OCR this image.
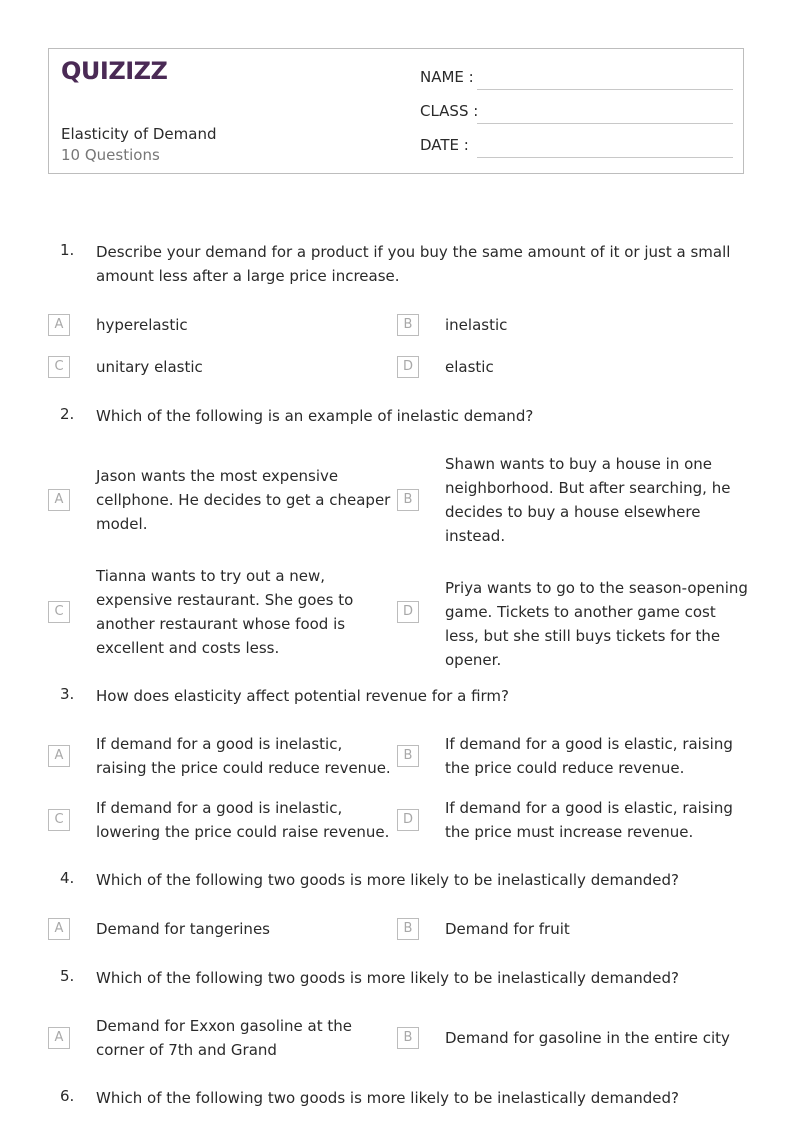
QUIZIZZ
Elasticity of Demand
10 Questions
NAME :
CLASS :
DATE :
1. Describe your demand for a product if you buy the same amount of it or just a small amount less after a large price increase.
A	hyperelastic	B	inelastic
C	unitary elastic	D	elastic
2. Which of the following is an example of inelastic demand?
A
Jason wants the most expensive cellphone. He decides to get a cheaper model.
B
Shawn wants to buy a house in one neighborhood. But after searching, he decides to buy a house elsewhere instead.
C
Tianna wants to try out a new, expensive restaurant. She goes to another restaurant whose food is excellent and costs less.
D
Priya wants to go to the season-opening game. Tickets to another game cost less, but she still buys tickets for the opener.
3. How does elasticity affect potential revenue for a firm?
A
If demand for a good is inelastic, raising the price could reduce revenue.
B
If demand for a good is elastic, raising the price could reduce revenue.
C
If demand for a good is inelastic, lowering the price could raise revenue.
D
If demand for a good is elastic, raising the price must increase revenue.
4. Which of the following two goods is more likely to be inelastically demanded?
A	Demand for tangerines	B	Demand for fruit
5. Which of the following two goods is more likely to be inelastically demanded?
A
Demand for Exxon gasoline at the corner of 7th and Grand
B	Demand for gasoline in the entire city
6. Which of the following two goods is more likely to be inelastically demanded?
